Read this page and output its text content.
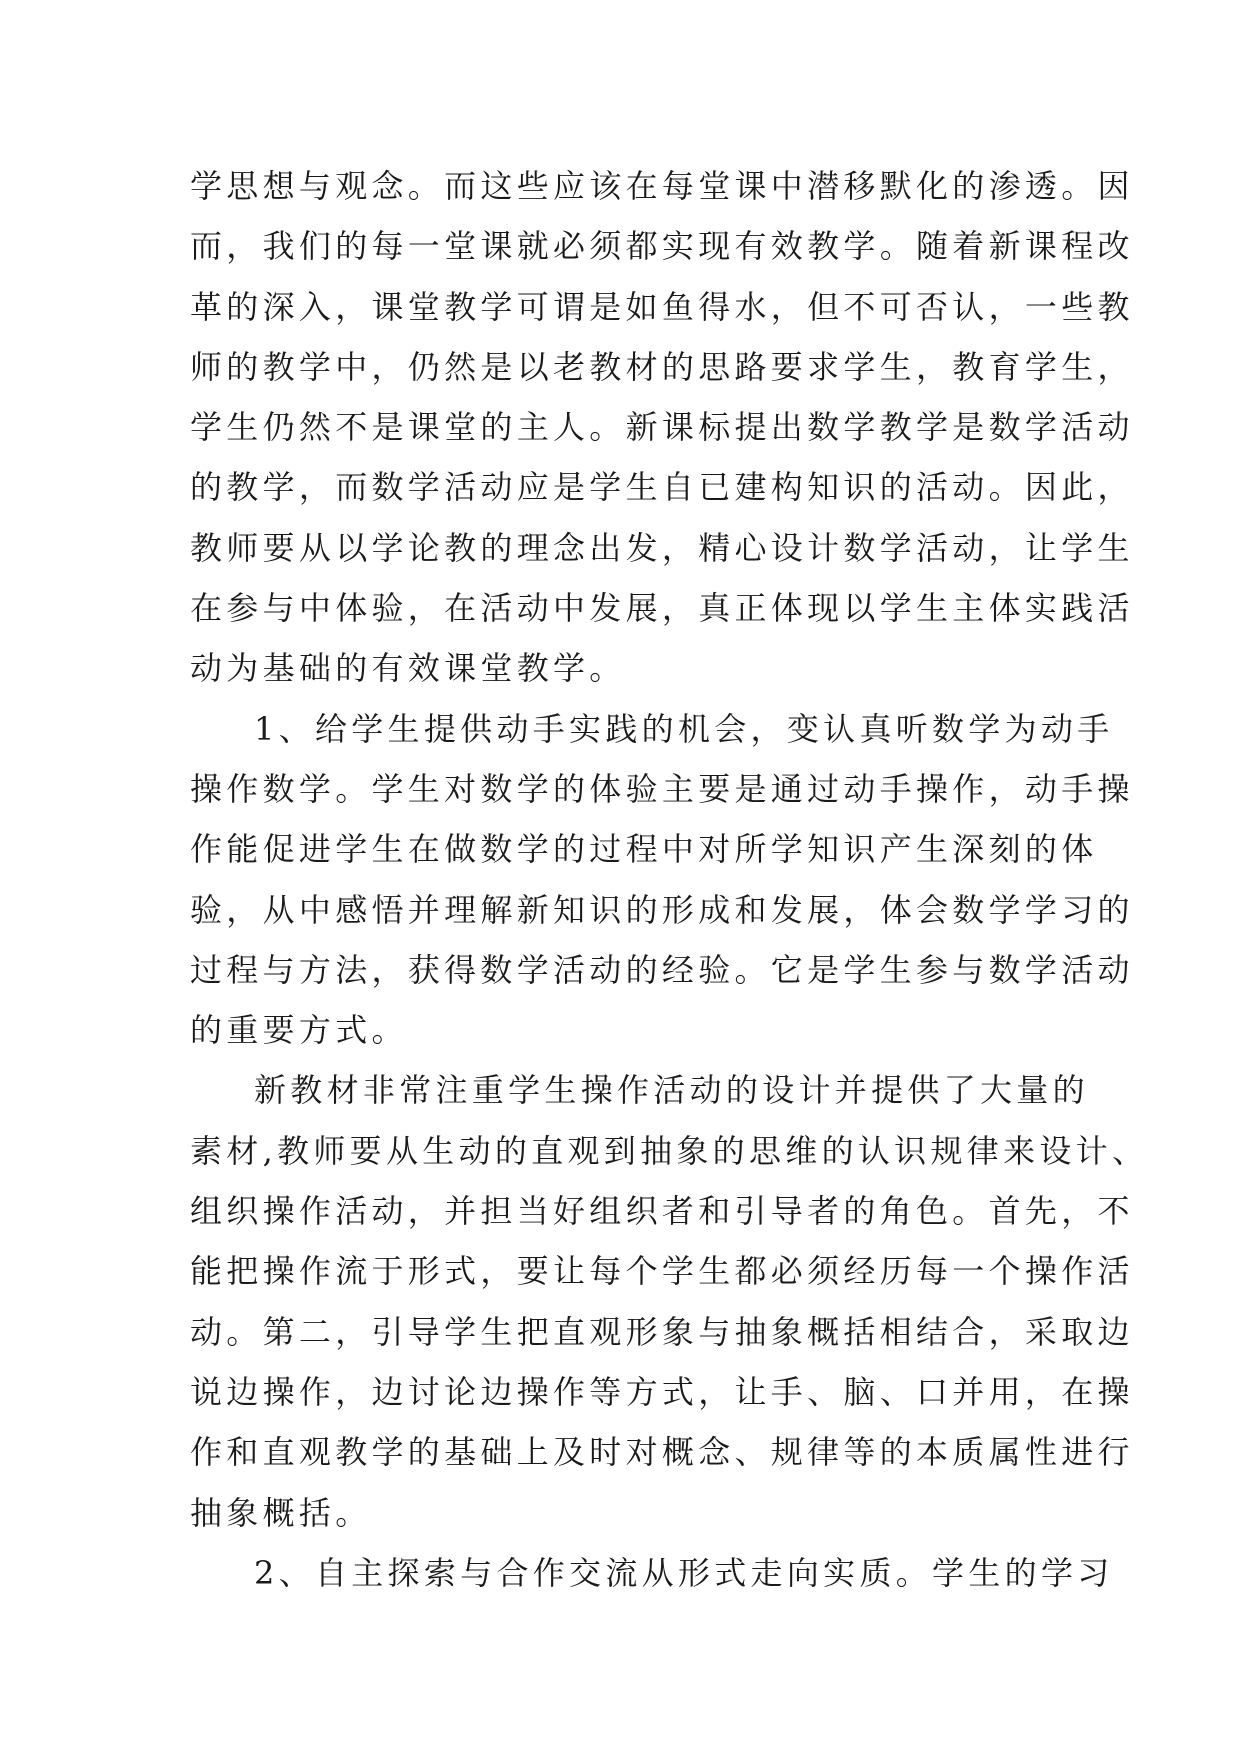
学思想与观念。而这些应该在每堂课中潜移默化的渗透。因
而，我们的每一堂课就必须都实现有效教学。随着新课程改
革的深入，课堂教学可谓是如鱼得水，但不可否认，一些教
师的教学中，仍然是以老教材的思路要求学生，教育学生，
学生仍然不是课堂的主人。新课标提出数学教学是数学活动
的教学，而数学活动应是学生自已建构知识的活动。因此，
教师要从以学论教的理念出发，精心设计数学活动，让学生
在参与中体验，在活动中发展，真正体现以学生主体实践活
动为基础的有效课堂教学。
1、给学生提供动手实践的机会，变认真听数学为动手
操作数学。学生对数学的体验主要是通过动手操作，动手操
作能促进学生在做数学的过程中对所学知识产生深刻的体
验，从中感悟并理解新知识的形成和发展，体会数学学习的
过程与方法，获得数学活动的经验。它是学生参与数学活动
的重要方式。
新教材非常注重学生操作活动的设计并提供了大量的
素材,教师要从生动的直观到抽象的思维的认识规律来设计、
组织操作活动，并担当好组织者和引导者的角色。首先，不
能把操作流于形式，要让每个学生都必须经历每一个操作活
动。第二，引导学生把直观形象与抽象概括相结合，采取边
说边操作，边讨论边操作等方式，让手、脑、口并用，在操
作和直观教学的基础上及时对概念、规律等的本质属性进行
抽象概括。
2、自主探索与合作交流从形式走向实质。学生的学习
